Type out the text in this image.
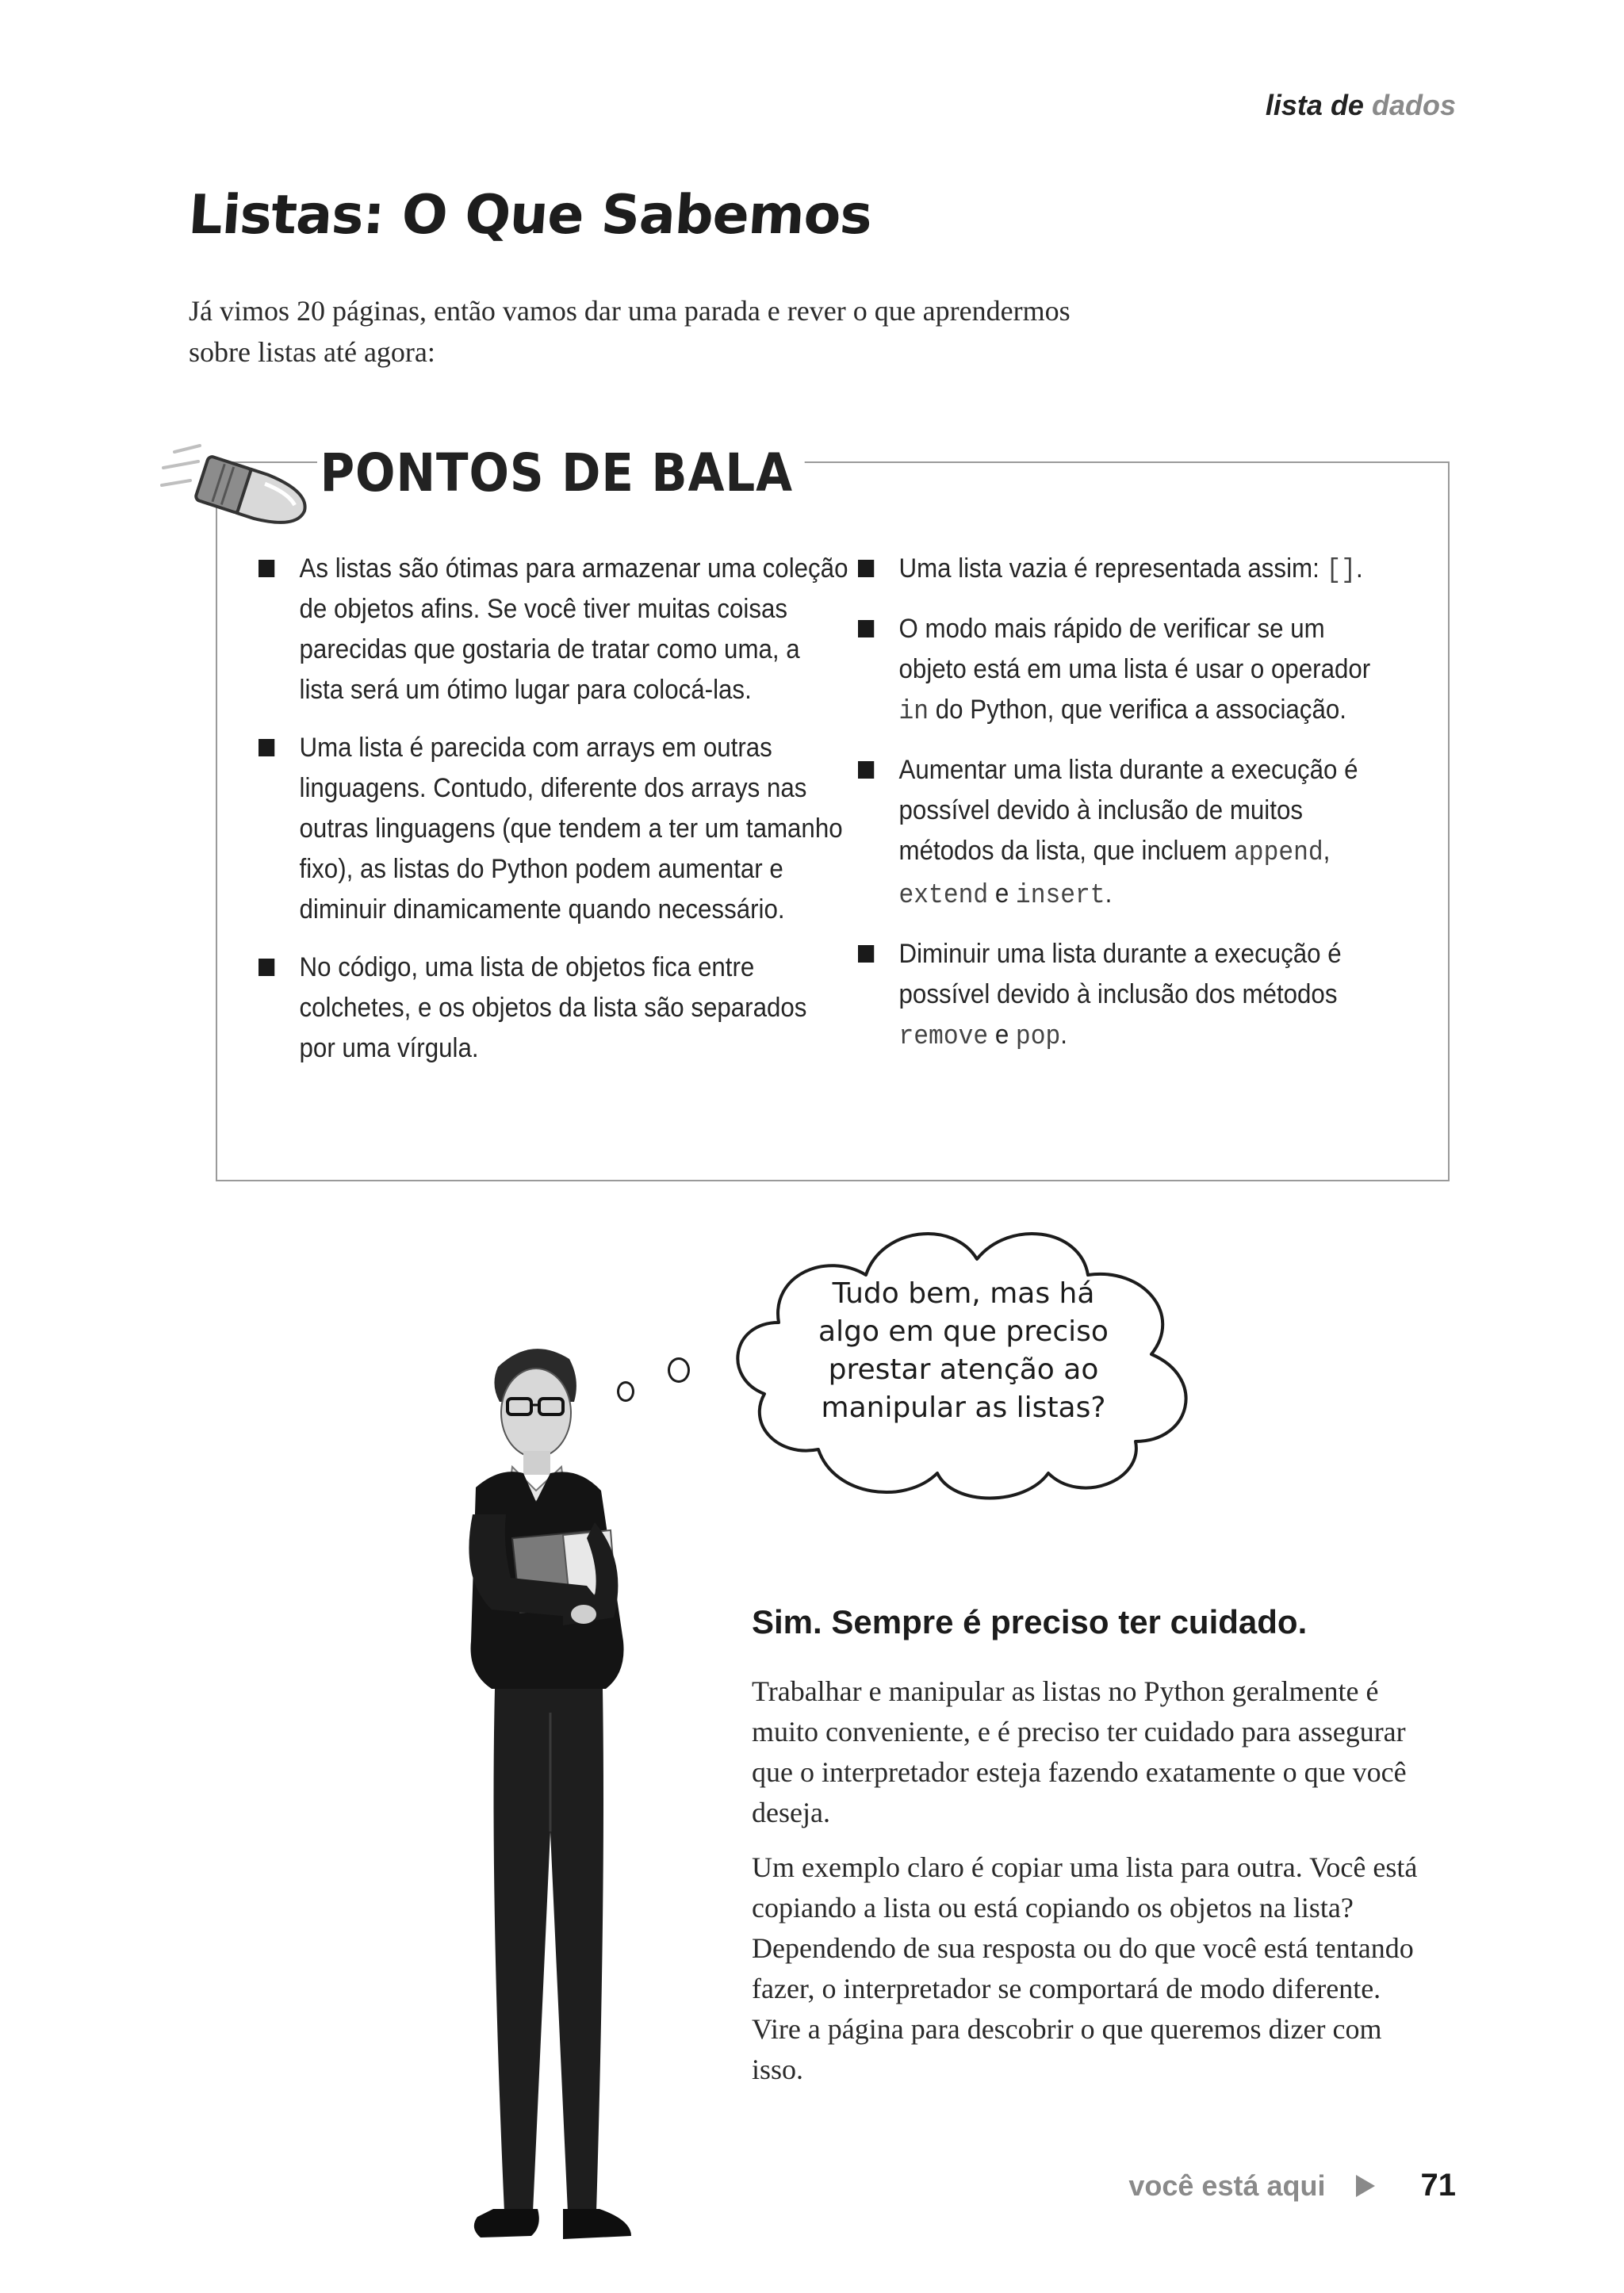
lista de dados
Listas: O Que Sabemos

Já vimos 20 páginas, então vamos dar uma parada e rever o que aprendermos sobre listas até agora:

PONTOS DE BALA
As listas são ótimas para armazenar uma coleção de objetos afins. Se você tiver muitas coisas parecidas que gostaria de tratar como uma, a lista será um ótimo lugar para colocá-las.
Uma lista é parecida com arrays em outras linguagens. Contudo, diferente dos arrays nas outras linguagens (que tendem a ter um tamanho fixo), as listas do Python podem aumentar e diminuir dinamicamente quando necessário.
No código, uma lista de objetos fica entre colchetes, e os objetos da lista são separados por uma vírgula.
Uma lista vazia é representada assim: [].
O modo mais rápido de verificar se um objeto está em uma lista é usar o operador in do Python, que verifica a associação.
Aumentar uma lista durante a execução é possível devido à inclusão de muitos métodos da lista, que incluem append, extend e insert.
Diminuir uma lista durante a execução é possível devido à inclusão dos métodos remove e pop.
Tudo bem, mas há algo em que preciso prestar atenção ao manipular as listas?
Sim. Sempre é preciso ter cuidado.

Trabalhar e manipular as listas no Python geralmente é muito conveniente, e é preciso ter cuidado para assegurar que o interpretador esteja fazendo exatamente o que você deseja.

Um exemplo claro é copiar uma lista para outra. Você está copiando a lista ou está copiando os objetos na lista? Dependendo de sua resposta ou do que você está tentando fazer, o interpretador se comportará de modo diferente. Vire a página para descobrir o que queremos dizer com isso.

você está aqui	71
